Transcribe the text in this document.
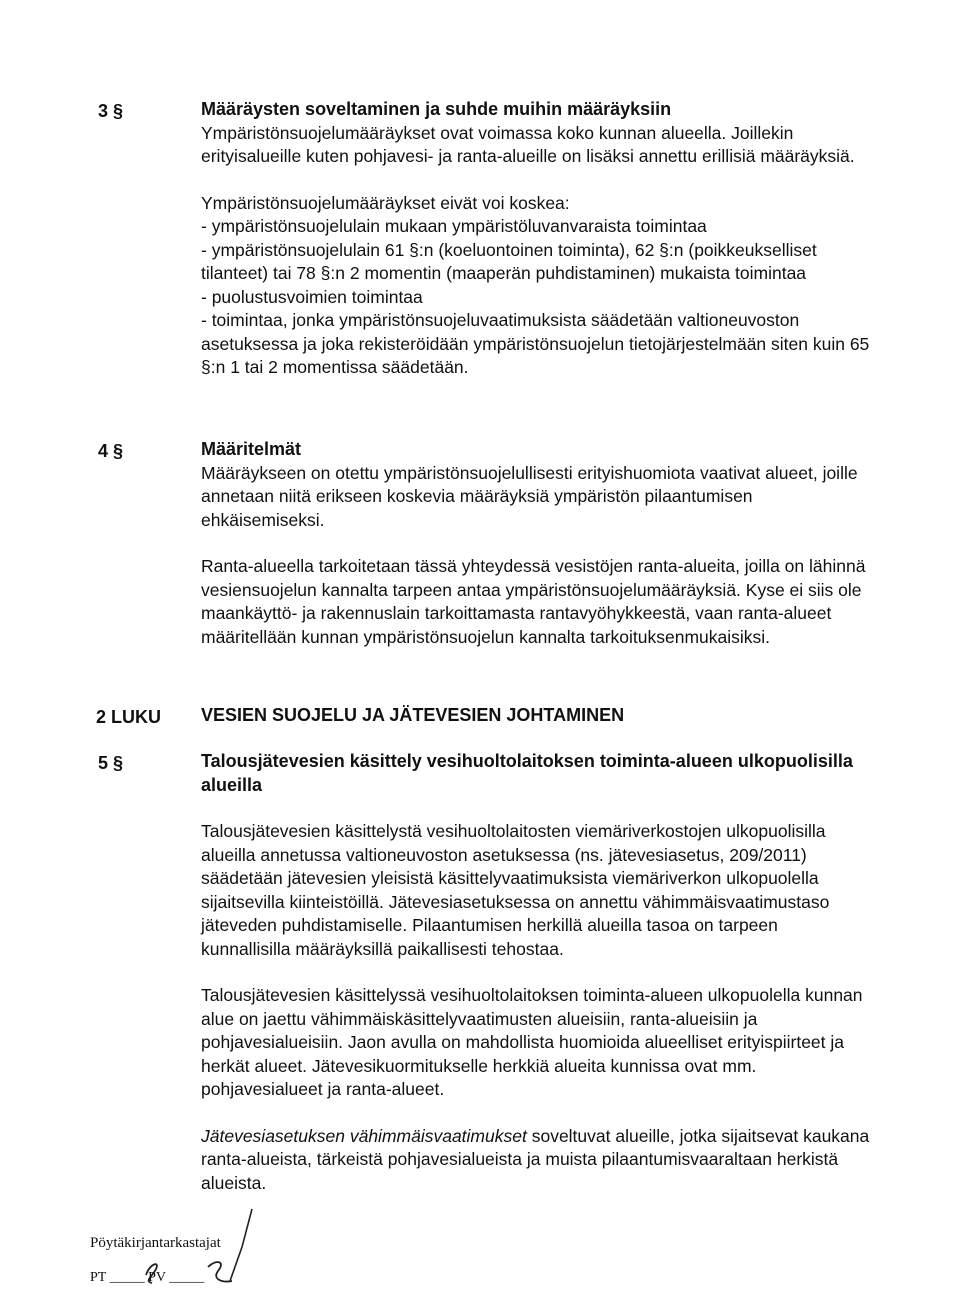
3 §	Määräysten soveltaminen ja suhde muihin määräyksiin

Ympäristönsuojelumääräykset ovat voimassa koko kunnan alueella. Joillekin erityisalueille kuten pohjavesi- ja ranta-alueille on lisäksi annettu erillisiä määräyksiä.

Ympäristönsuojelumääräykset eivät voi koskea:

- ympäristönsuojelulain mukaan ympäristöluvanvaraista toimintaa

- ympäristönsuojelulain 61 §:n (koeluontoinen toiminta), 62 §:n (poikkeukselliset tilanteet) tai 78 §:n 2 momentin (maaperän puhdistaminen) mukaista toimintaa

- puolustusvoimien toimintaa

- toimintaa, jonka ympäristönsuojeluvaatimuksista säädetään valtioneuvoston asetuksessa ja joka rekisteröidään ympäristönsuojelun tietojärjestelmään siten kuin 65 §:n 1 tai 2 momentissa säädetään.

4 §	Määritelmät

Määräykseen on otettu ympäristönsuojelullisesti erityishuomiota vaativat alueet, joille annetaan niitä erikseen koskevia määräyksiä ympäristön pilaantumisen ehkäisemiseksi.

Ranta-alueella tarkoitetaan tässä yhteydessä vesistöjen ranta-alueita, joilla on lähinnä vesiensuojelun kannalta tarpeen antaa ympäristönsuojelumääräyksiä. Kyse ei siis ole maankäyttö- ja rakennuslain tarkoittamasta rantavyöhykkeestä, vaan ranta-alueet määritellään kunnan ympäristönsuojelun kannalta tarkoituksenmukaisiksi.

2 LUKU VESIEN SUOJELU JA JÄTEVESIEN JOHTAMINEN
5 §	Talousjätevesien käsittely vesihuoltolaitoksen toiminta-alueen ulkopuolisilla alueilla

Talousjätevesien käsittelystä vesihuoltolaitosten viemäriverkostojen ulkopuolisilla alueilla annetussa valtioneuvoston asetuksessa (ns. jätevesiasetus, 209/2011) säädetään jätevesien yleisistä käsittelyvaatimuksista viemäriverkon ulkopuolella sijaitsevilla kiinteistöillä. Jätevesiasetuksessa on annettu vähimmäisvaatimustaso jäteveden puhdistamiselle. Pilaantumisen herkillä alueilla tasoa on tarpeen kunnallisilla määräyksillä paikallisesti tehostaa.

Talousjätevesien käsittelyssä vesihuoltolaitoksen toiminta-alueen ulkopuolella kunnan alue on jaettu vähimmäiskäsittelyvaatimusten alueisiin, ranta-alueisiin ja pohjavesialueisiin. Jaon avulla on mahdollista huomioida alueelliset erityispiirteet ja herkät alueet. Jätevesikuormitukselle herkkiä alueita kunnissa ovat mm. pohjavesialueet ja ranta-alueet.

Jätevesiasetuksen vähimmäisvaatimukset soveltuvat alueille, jotka sijaitsevat kaukana ranta-alueista, tärkeistä pohjavesialueista ja muista pilaantumisvaaraltaan herkistä alueista.

Pöytäkirjantarkastajat
PT _____ PV _____
